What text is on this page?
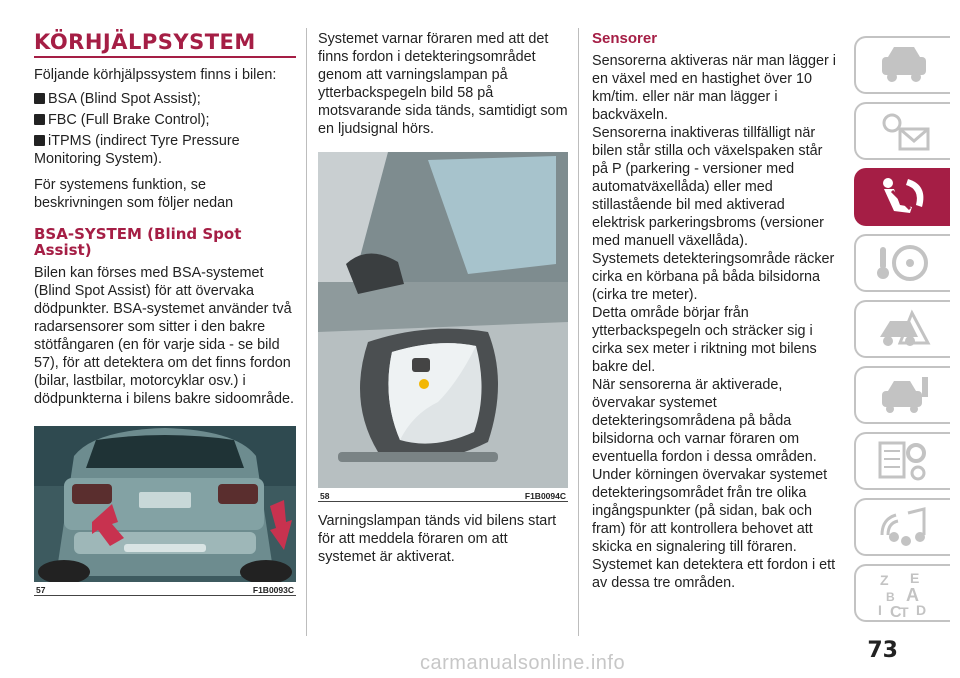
KÖRHJÄLPSYSTEM

Följande körhjälpssystem finns i bilen:

BSA (Blind Spot Assist);
FBC (Full Brake Control);
iTPMS (indirect Tyre Pressure Monitoring System).

För systemens funktion, se beskrivningen som följer nedan

BSA-SYSTEM (Blind Spot Assist)

Bilen kan förses med BSA-systemet (Blind Spot Assist) för att övervaka dödpunkter. BSA-systemet använder två radarsensorer som sitter i den bakre stötfångaren (en för varje sida - se bild 57), för att detektera om det finns fordon (bilar, lastbilar, motorcyklar osv.) i dödpunkterna i bilens bakre sidoområde.

57	F1B0093C

Systemet varnar föraren med att det finns fordon i detekteringsområdet genom att varningslampan på ytterbackspegeln bild 58 på motsvarande sida tänds, samtidigt som en ljudsignal hörs.

58	F1B0094C

Varningslampan tänds vid bilens start för att meddela föraren om att systemet är aktiverat.

Sensorer

Sensorerna aktiveras när man lägger i en växel med en hastighet över 10 km/tim. eller när man lägger i backväxeln.

Sensorerna inaktiveras tillfälligt när bilen står stilla och växelspaken står på P (parkering - versioner med automatväxellåda) eller med stillastående bil med aktiverad elektrisk parkeringsbroms (versioner med manuell växellåda).

Systemets detekteringsområde räcker cirka en körbana på båda bilsidorna (cirka tre meter).

Detta område börjar från ytterbackspegeln och sträcker sig i cirka sex meter i riktning mot bilens bakre del.

När sensorerna är aktiverade, övervakar systemet detekteringsområdena på båda bilsidorna och varnar föraren om eventuella fordon i dessa områden.

Under körningen övervakar systemet detekteringsområdet från tre olika ingångspunkter (på sidan, bak och fram) för att kontrollera behovet att skicka en signalering till föraren.

Systemet kan detektera ett fordon i ett av dessa tre områden.	Z E
B A
I C
T D
73
carmanualsonline.info
